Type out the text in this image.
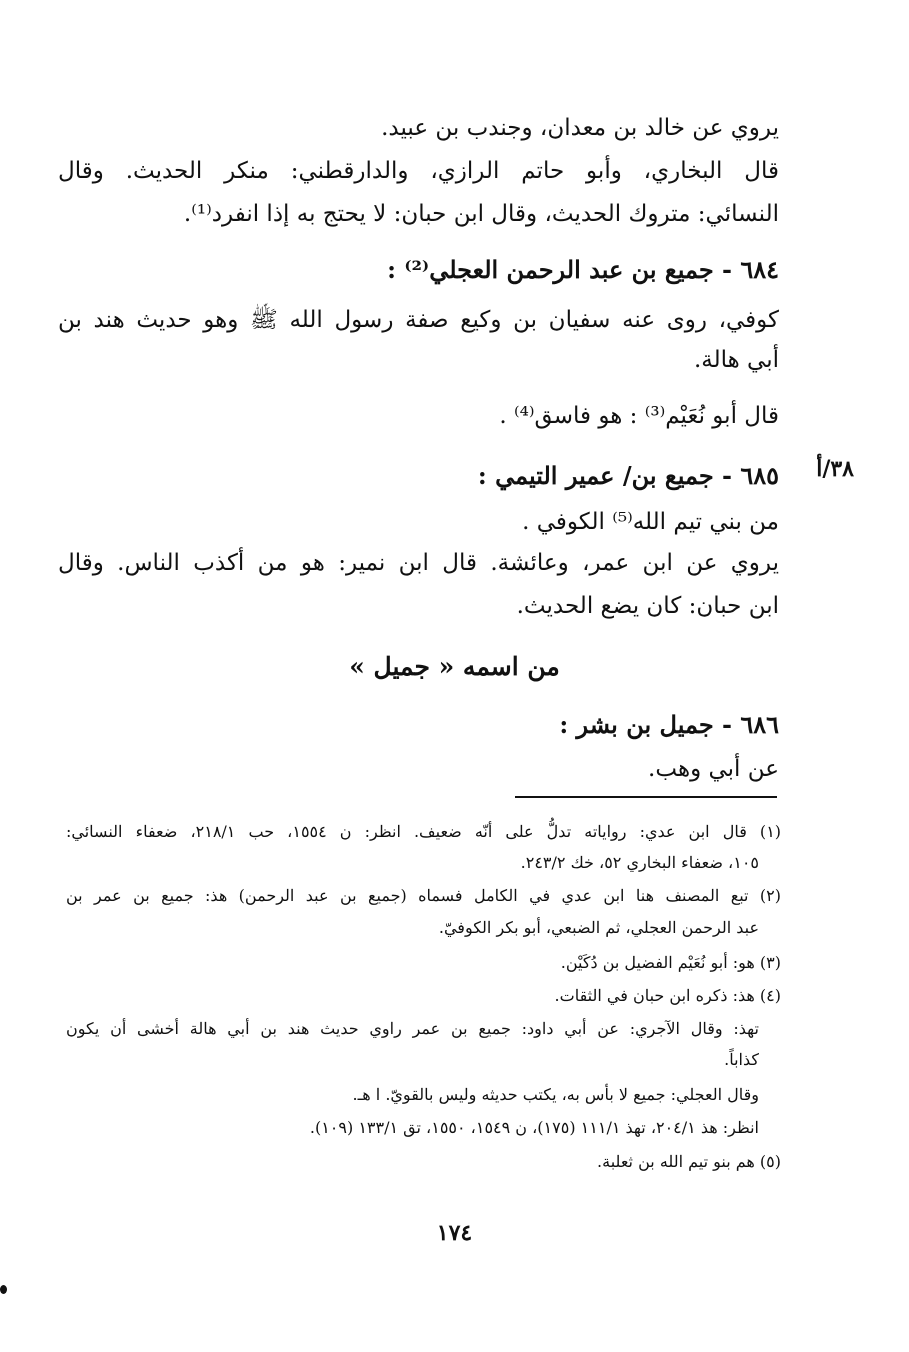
يروي عن خالد بن معدان، وجندب بن عبيد.
قال البخاري، وأبو حاتم الرازي، والدارقطني: منكر الحديث. وقال
النسائي: متروك الحديث، وقال ابن حبان: لا يحتج به إذا انفرد⁽¹⁾.
٦٨٤ - جميع بن عبد الرحمن العجلي⁽²⁾ :
كوفي، روى عنه سفيان بن وكيع صفة رسول الله ﷺ وهو حديث هند بن
أبي هالة.
قال أبو نُعَيْم⁽³⁾ : هو فاسق⁽⁴⁾ .
٣٨/أ
٦٨٥ - جميع بن/ عمير التيمي :
من بني تيم الله⁽⁵⁾ الكوفي .
يروي عن ابن عمر، وعائشة. قال ابن نمير: هو من أكذب الناس. وقال
ابن حبان: كان يضع الحديث.
من اسمه « جميل »
٦٨٦ - جميل بن بشر :
عن أبي وهب.
(١) قال ابن عدي: رواياته تدلُّ على أنّه ضعيف. انظر: ن ١٥٥٤، حب ٢١٨/١، ضعفاء النسائي:
١٠٥، ضعفاء البخاري ٥٢، خك ٢٤٣/٢.
(٢) تبع المصنف هنا ابن عدي في الكامل فسماه (جميع بن عبد الرحمن) هذ: جميع بن عمر بن
عبد الرحمن العجلي، ثم الضبعي، أبو بكر الكوفيّ.
(٣) هو: أبو نُعَيْم الفضيل بن دُكَيْن.
(٤) هذ: ذكره ابن حبان في الثقات.
تهذ: وقال الآجري: عن أبي داود: جميع بن عمر راوي حديث هند بن أبي هالة أخشى أن يكون
كذاباً.
وقال العجلي: جميع لا بأس به، يكتب حديثه وليس بالقويّ. ا هـ.
انظر: هذ ٢٠٤/١، تهذ ١١١/١ (١٧٥)، ن ١٥٤٩، ١٥٥٠، تق ١٣٣/١ (١٠٩).
(٥) هم بنو تيم الله بن ثعلبة.
١٧٤
